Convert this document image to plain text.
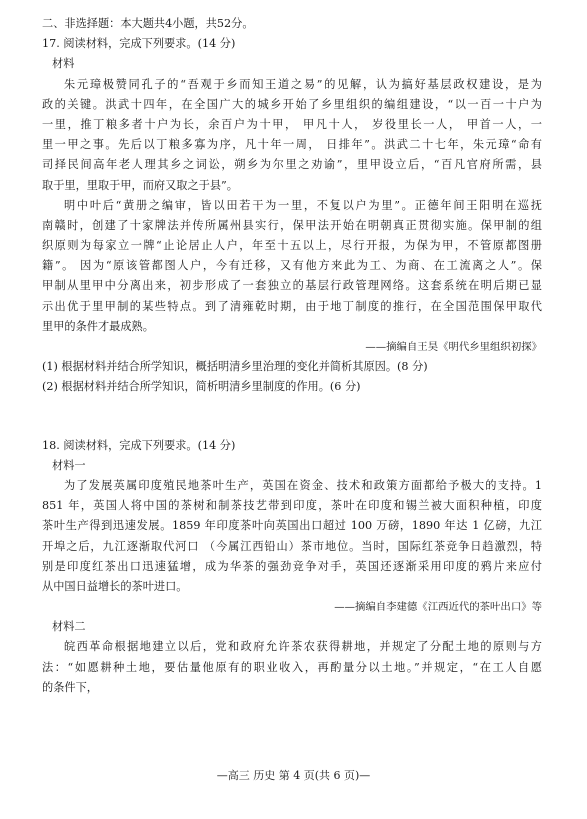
二、非选择题：本大题共4小题，共52分。
17. 阅读材料，完成下列要求。(14 分)
材料
朱元璋极赞同孔子的“吾观于乡而知王道之易”的见解，认为搞好基层政权建设，是为
政的关键。洪武十四年，在全国广大的城乡开始了乡里组织的编组建设，“以一百一十户为
一里，推丁粮多者十户为长，余百户为十甲， 甲凡十人， 岁役里长一人， 甲首一人，一
里一甲之事。先后以丁粮多寡为序，凡十年一周， 日排年”。洪武二十七年，朱元璋“命有
司择民间高年老人理其乡之词讼，朔乡为尔里之劝谕”，里甲设立后，“百凡官府所需，县
取于里，里取于甲，而府又取之于县”。
明中叶后“黄册之编审，皆以田若干为一里，不复以户为里”。正德年间王阳明在巡抚
南赣时，创建了十家牌法并传所属州县实行，保甲法开始在明朝真正贯彻实施。保甲制的组
织原则为每家立一牌“止论居止人户，年至十五以上，尽行开报，为保为甲，不管原都图册
籍”。 因为“原该管都图人户，今有迁移，又有他方来此为工、为商、在工流离之人”。保
甲制从里甲中分离出来，初步形成了一套独立的基层行政管理网络。这套系统在明后期已显
示出优于里甲制的某些特点。到了清雍乾时期，由于地丁制度的推行，在全国范围保甲取代
里甲的条件才最成熟。
——摘编自王昊《明代乡里组织初探》
(1) 根据材料并结合所学知识，概括明清乡里治理的变化并简析其原因。(8 分)
(2) 根据材料并结合所学知识，简析明清乡里制度的作用。(6 分)
18. 阅读材料，完成下列要求。(14 分)
材料一
为了发展英属印度殖民地茶叶生产，英国在资金、技术和政策方面都给予极大的支持。1
851 年，英国人将中国的茶树和制茶技艺带到印度，茶叶在印度和锡兰被大面积种植，印度
茶叶生产得到迅速发展。1859 年印度茶叶向英国出口超过 100 万磅，1890 年达 1 亿磅，九江
开埠之后，九江逐渐取代河口 （今属江西铅山）茶市地位。当时，国际红茶竞争日趋激烈，特
别是印度红茶出口迅速猛增，成为华茶的强劲竞争对手，英国还逐渐采用印度的鸦片来应付
从中国日益增长的茶叶进口。
——摘编自李建德《江西近代的茶叶出口》等
材料二
皖西革命根据地建立以后，党和政府允许茶农获得耕地，并规定了分配土地的原则与方
法：“如愿耕种土地，要估量他原有的职业收入，再酌量分以土地。”并规定，“在工人自愿
的条件下，
—高三 历史 第 4 页(共 6 页)—
